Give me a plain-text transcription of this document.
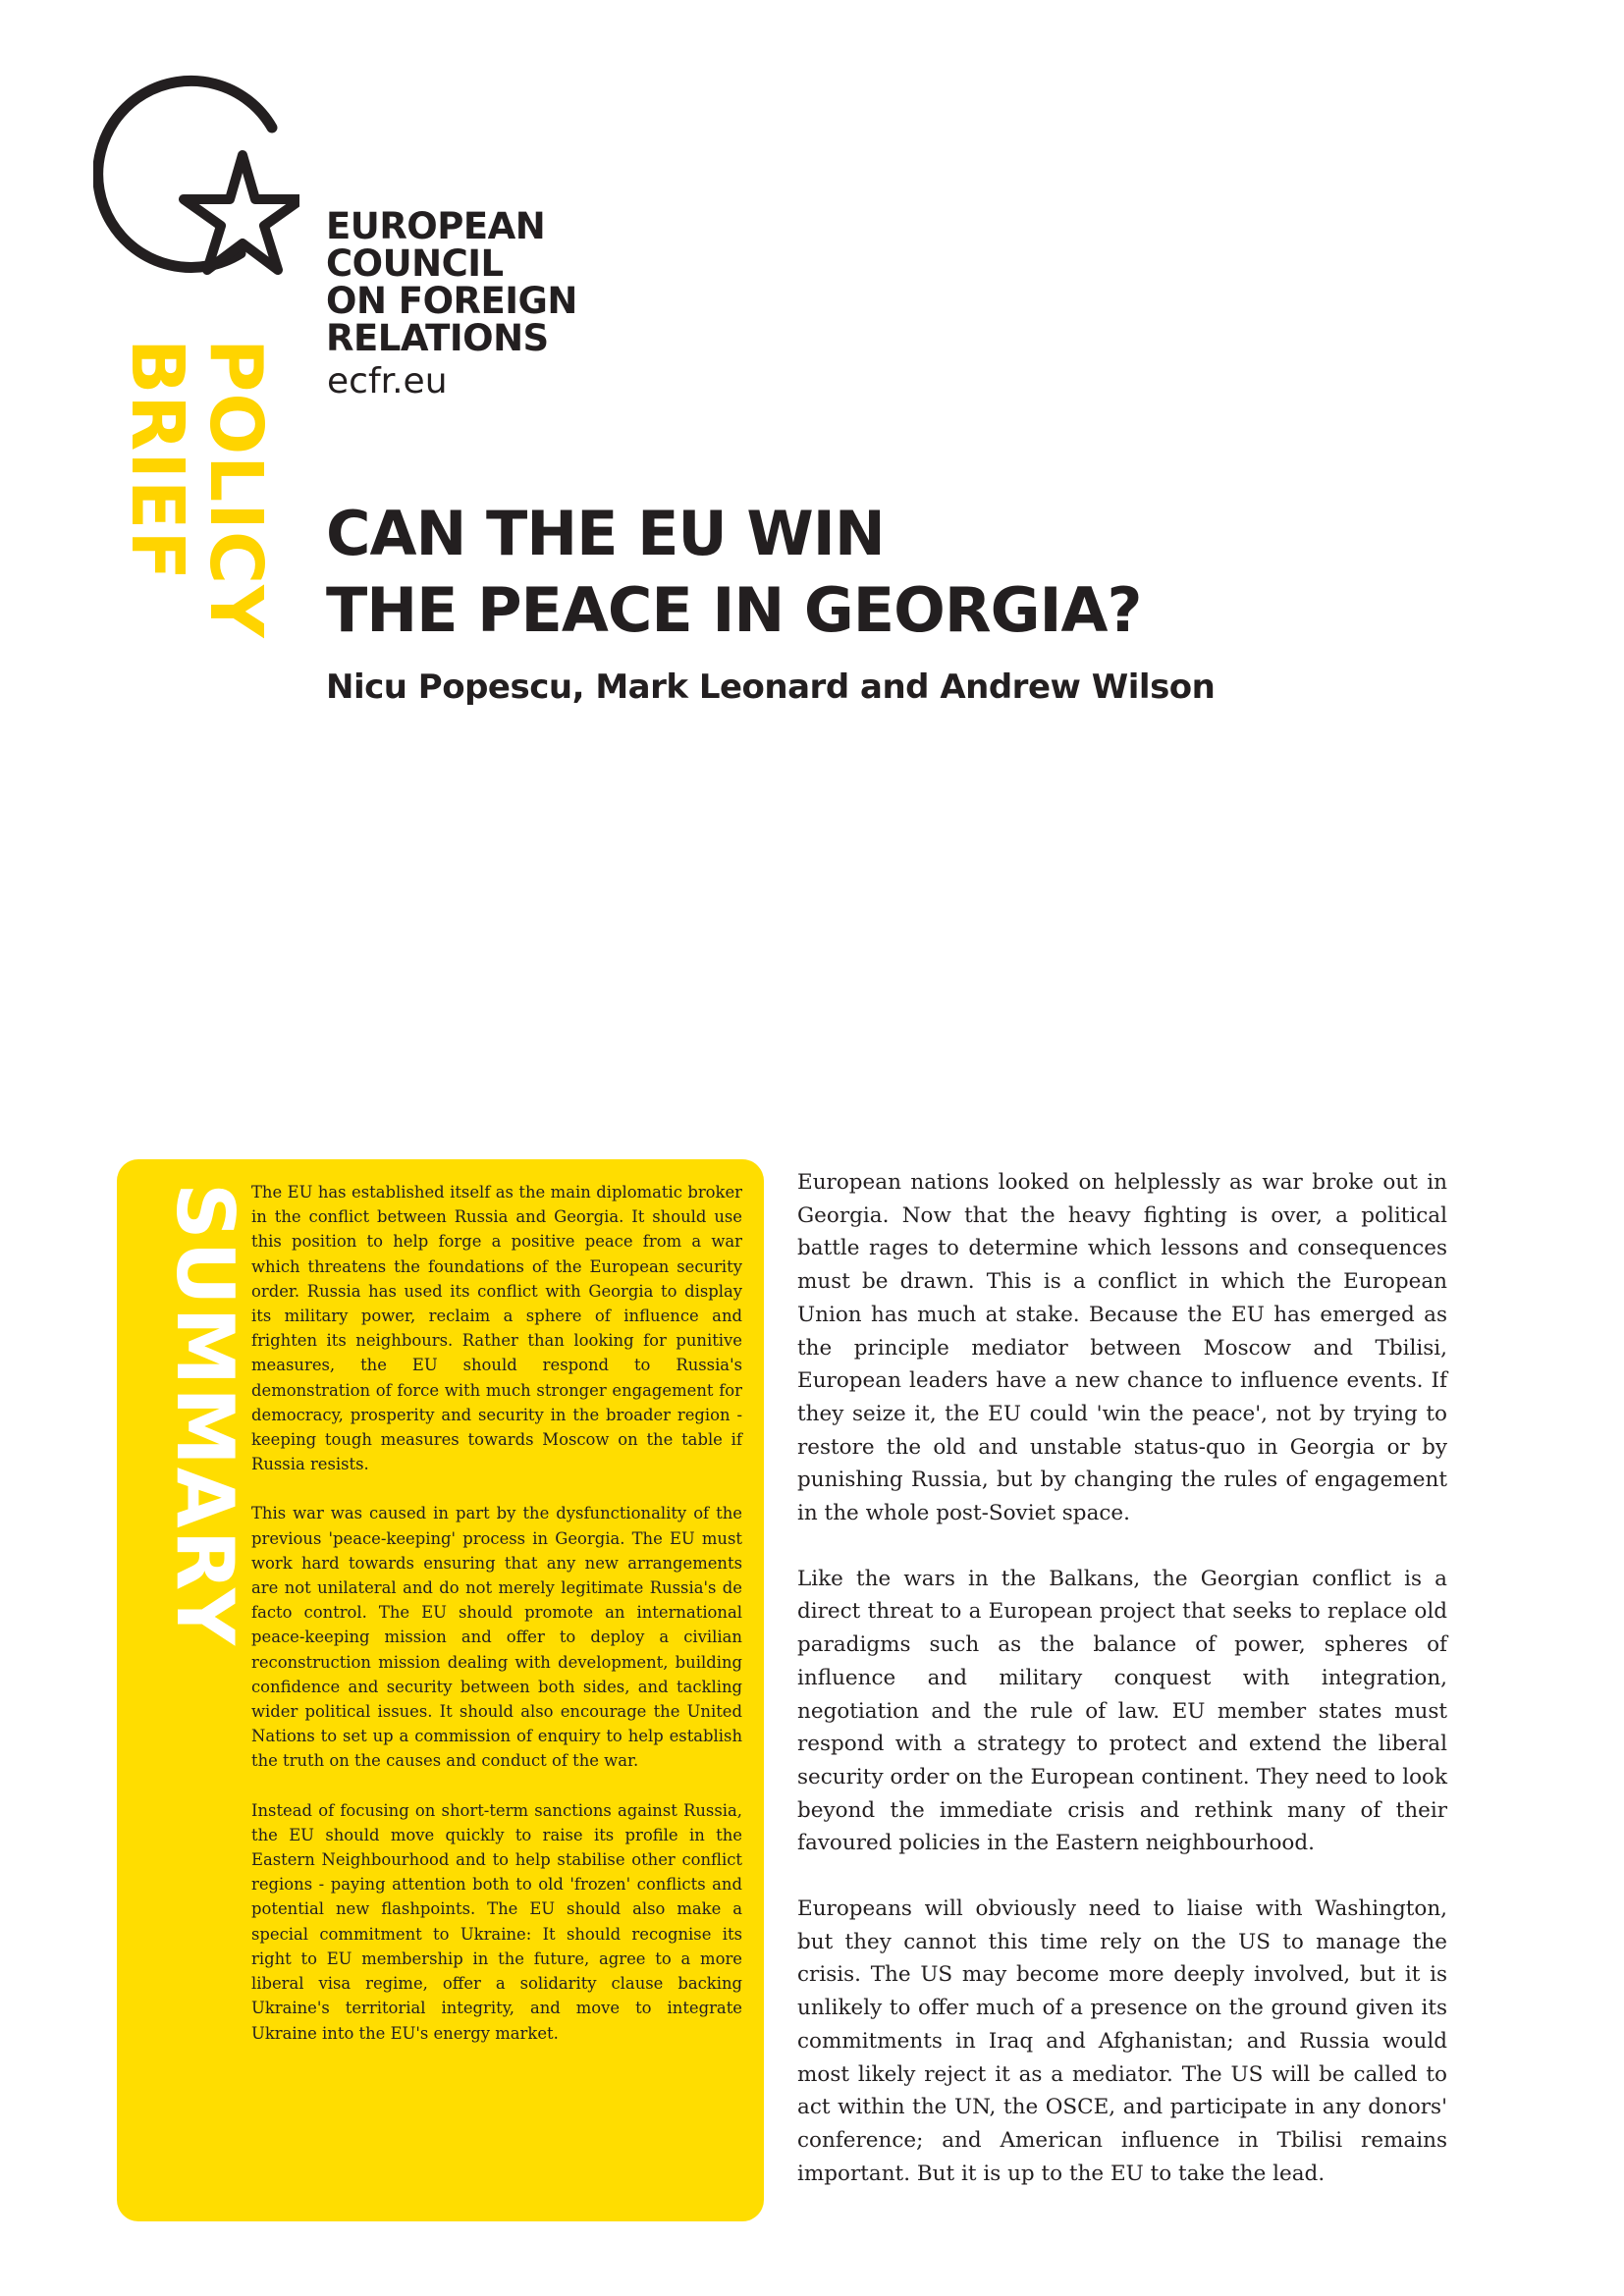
EUROPEAN
COUNCIL
ON FOREIGN
RELATIONS
ecfr.eu
POLICY
BRIEF CAN THE EU WIN
THE PEACE IN GEORGIA?
Nicu Popescu, Mark Leonard and Andrew Wilson
SUMMARY The EU has established itself as the main diplomatic broker in the conflict between Russia and Georgia. It should use this position to help forge a positive peace from a war which threatens the foundations of the European security order. Russia has used its conflict with Georgia to display its military power, reclaim a sphere of influence and frighten its neighbours. Rather than looking for punitive measures, the EU should respond to Russia's demonstration of force with much stronger engagement for democracy, prosperity and security in the broader region - keeping tough measures towards Moscow on the table if Russia resists.

This war was caused in part by the dysfunctionality of the previous 'peace-keeping' process in Georgia. The EU must work hard towards ensuring that any new arrangements are not unilateral and do not merely legitimate Russia's de facto control. The EU should promote an international peace-keeping mission and offer to deploy a civilian reconstruction mission dealing with development, building confidence and security between both sides, and tackling wider political issues. It should also encourage the United Nations to set up a commission of enquiry to help establish the truth on the causes and conduct of the war.

Instead of focusing on short-term sanctions against Russia, the EU should move quickly to raise its profile in the Eastern Neighbourhood and to help stabilise other conflict regions - paying attention both to old 'frozen' conflicts and potential new flashpoints. The EU should also make a special commitment to Ukraine: It should recognise its right to EU membership in the future, agree to a more liberal visa regime, offer a solidarity clause backing Ukraine's territorial integrity, and move to integrate Ukraine into the EU's energy market.

European nations looked on helplessly as war broke out in Georgia. Now that the heavy fighting is over, a political battle rages to determine which lessons and consequences must be drawn. This is a conflict in which the European Union has much at stake. Because the EU has emerged as the principle mediator between Moscow and Tbilisi, European leaders have a new chance to influence events. If they seize it, the EU could 'win the peace', not by trying to restore the old and unstable status-quo in Georgia or by punishing Russia, but by changing the rules of engagement in the whole post-Soviet space.

Like the wars in the Balkans, the Georgian conflict is a direct threat to a European project that seeks to replace old paradigms such as the balance of power, spheres of influence and military conquest with integration, negotiation and the rule of law. EU member states must respond with a strategy to protect and extend the liberal security order on the European continent. They need to look beyond the immediate crisis and rethink many of their favoured policies in the Eastern neighbourhood.

Europeans will obviously need to liaise with Washington, but they cannot this time rely on the US to manage the crisis. The US may become more deeply involved, but it is unlikely to offer much of a presence on the ground given its commitments in Iraq and Afghanistan; and Russia would most likely reject it as a mediator. The US will be called to act within the UN, the OSCE, and participate in any donors' conference; and American influence in Tbilisi remains important. But it is up to the EU to take the lead.
